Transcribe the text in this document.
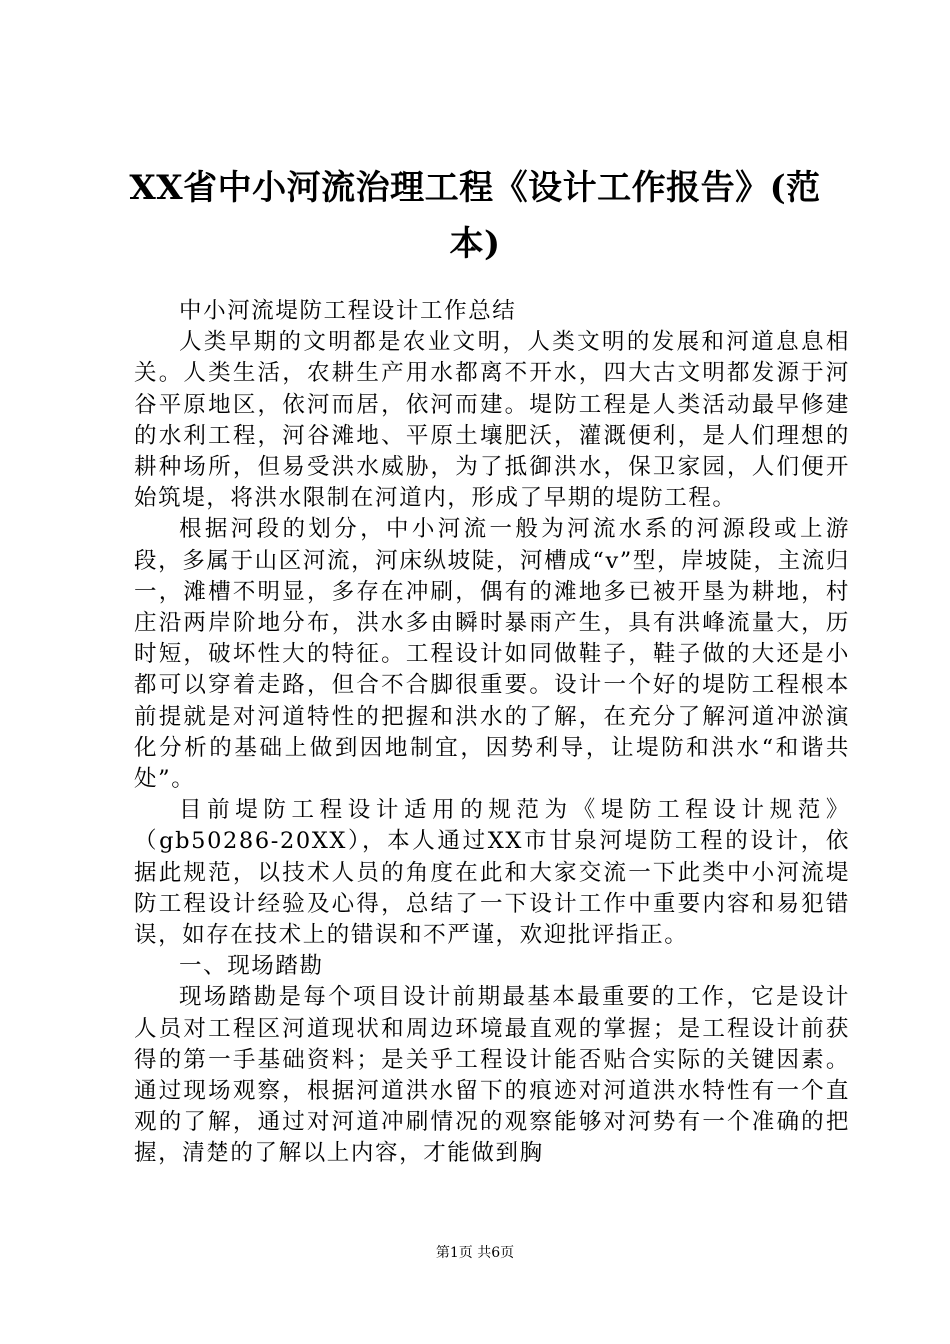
XX省中小河流治理工程《设计工作报告》(范本)

中小河流堤防工程设计工作总结

人类早期的文明都是农业文明，人类文明的发展和河道息息相关。人类生活，农耕生产用水都离不开水，四大古文明都发源于河谷平原地区，依河而居，依河而建。堤防工程是人类活动最早修建的水利工程，河谷滩地、平原土壤肥沃，灌溉便利，是人们理想的耕种场所，但易受洪水威胁，为了抵御洪水，保卫家园，人们便开始筑堤，将洪水限制在河道内，形成了早期的堤防工程。

根据河段的划分，中小河流一般为河流水系的河源段或上游段，多属于山区河流，河床纵坡陡，河槽成“v”型，岸坡陡，主流归一，滩槽不明显，多存在冲刷，偶有的滩地多已被开垦为耕地，村庄沿两岸阶地分布，洪水多由瞬时暴雨产生，具有洪峰流量大，历时短，破坏性大的特征。工程设计如同做鞋子，鞋子做的大还是小都可以穿着走路，但合不合脚很重要。设计一个好的堤防工程根本前提就是对河道特性的把握和洪水的了解，在充分了解河道冲淤演化分析的基础上做到因地制宜，因势利导，让堤防和洪水“和谐共处”。

目前堤防工程设计适用的规范为《堤防工程设计规范》（gb50286-20XX），本人通过XX市甘泉河堤防工程的设计，依据此规范，以技术人员的角度在此和大家交流一下此类中小河流堤防工程设计经验及心得，总结了一下设计工作中重要内容和易犯错误，如存在技术上的错误和不严谨，欢迎批评指正。

一、现场踏勘

现场踏勘是每个项目设计前期最基本最重要的工作，它是设计人员对工程区河道现状和周边环境最直观的掌握；是工程设计前获得的第一手基础资料；是关乎工程设计能否贴合实际的关键因素。通过现场观察，根据河道洪水留下的痕迹对河道洪水特性有一个直观的了解，通过对河道冲刷情况的观察能够对河势有一个准确的把握，清楚的了解以上内容，才能做到胸

第1页 共6页
